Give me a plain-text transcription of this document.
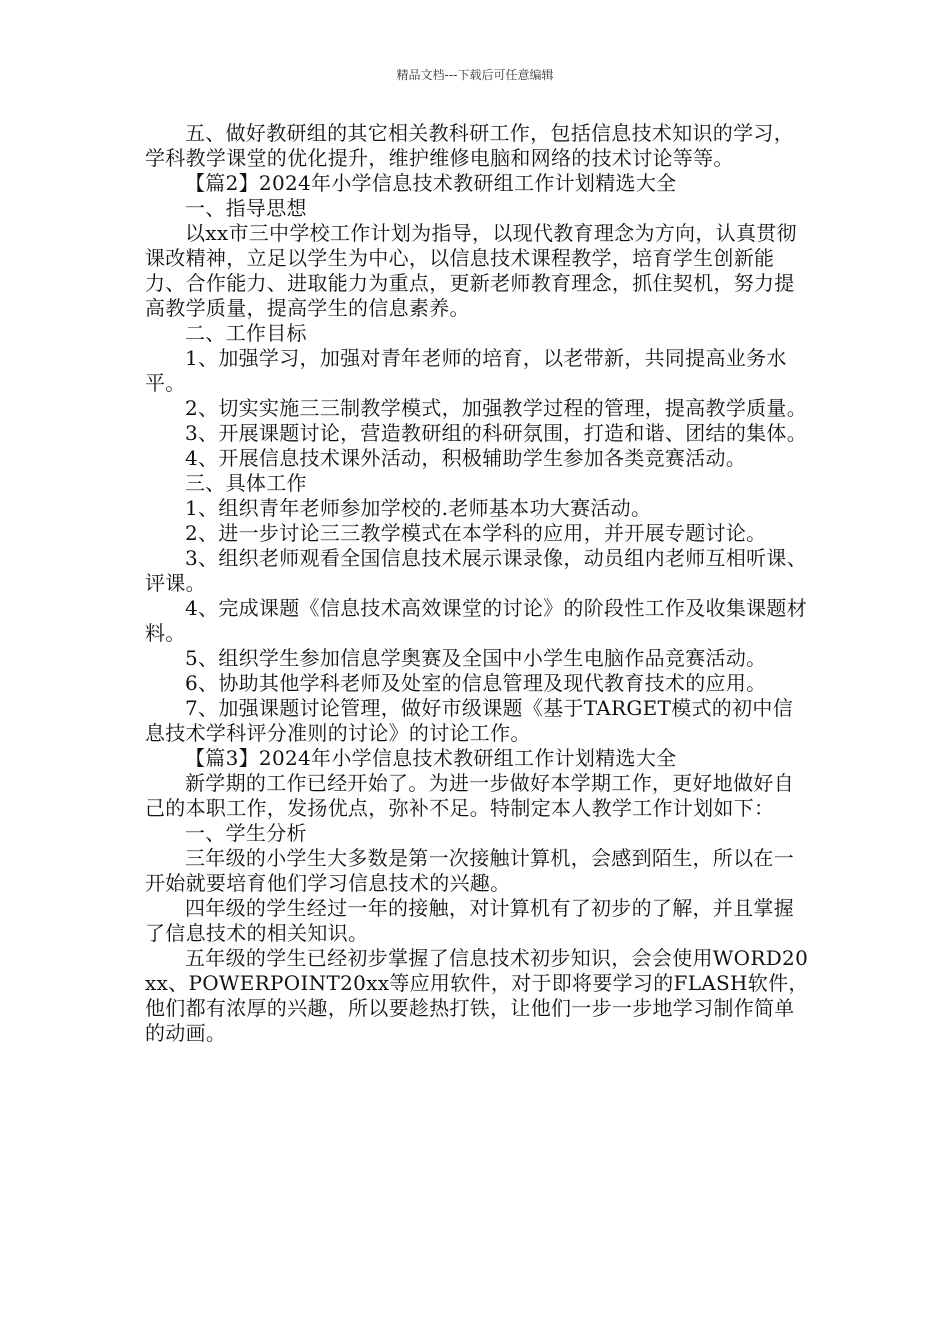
精品文档---下载后可任意编辑

五、做好教研组的其它相关教科研工作，包括信息技术知识的学习，学科教学课堂的优化提升，维护维修电脑和网络的技术讨论等等。

【篇2】2024年小学信息技术教研组工作计划精选大全

一、指导思想

以xx市三中学校工作计划为指导，以现代教育理念为方向，认真贯彻课改精神，立足以学生为中心，以信息技术课程教学，培育学生创新能力、合作能力、进取能力为重点，更新老师教育理念，抓住契机，努力提高教学质量，提高学生的信息素养。

二、工作目标

1、加强学习，加强对青年老师的培育，以老带新，共同提高业务水平。

2、切实实施三三制教学模式，加强教学过程的管理，提高教学质量。

3、开展课题讨论，营造教研组的科研氛围，打造和谐、团结的集体。

4、开展信息技术课外活动，积极辅助学生参加各类竞赛活动。

三、具体工作

1、组织青年老师参加学校的.老师基本功大赛活动。

2、进一步讨论三三教学模式在本学科的应用，并开展专题讨论。

3、组织老师观看全国信息技术展示课录像，动员组内老师互相听课、评课。

4、完成课题《信息技术高效课堂的讨论》的阶段性工作及收集课题材料。

5、组织学生参加信息学奥赛及全国中小学生电脑作品竞赛活动。

6、协助其他学科老师及处室的信息管理及现代教育技术的应用。

7、加强课题讨论管理，做好市级课题《基于TARGET模式的初中信息技术学科评分准则的讨论》的讨论工作。

【篇3】2024年小学信息技术教研组工作计划精选大全

新学期的工作已经开始了。为进一步做好本学期工作，更好地做好自己的本职工作，发扬优点，弥补不足。特制定本人教学工作计划如下：

一、学生分析

三年级的小学生大多数是第一次接触计算机，会感到陌生，所以在一开始就要培育他们学习信息技术的兴趣。

四年级的学生经过一年的接触，对计算机有了初步的了解，并且掌握了信息技术的相关知识。

五年级的学生已经初步掌握了信息技术初步知识，会会使用WORD20xx、POWERPOINT20xx等应用软件，对于即将要学习的FLASH软件，他们都有浓厚的兴趣，所以要趁热打铁，让他们一步一步地学习制作简单的动画。
